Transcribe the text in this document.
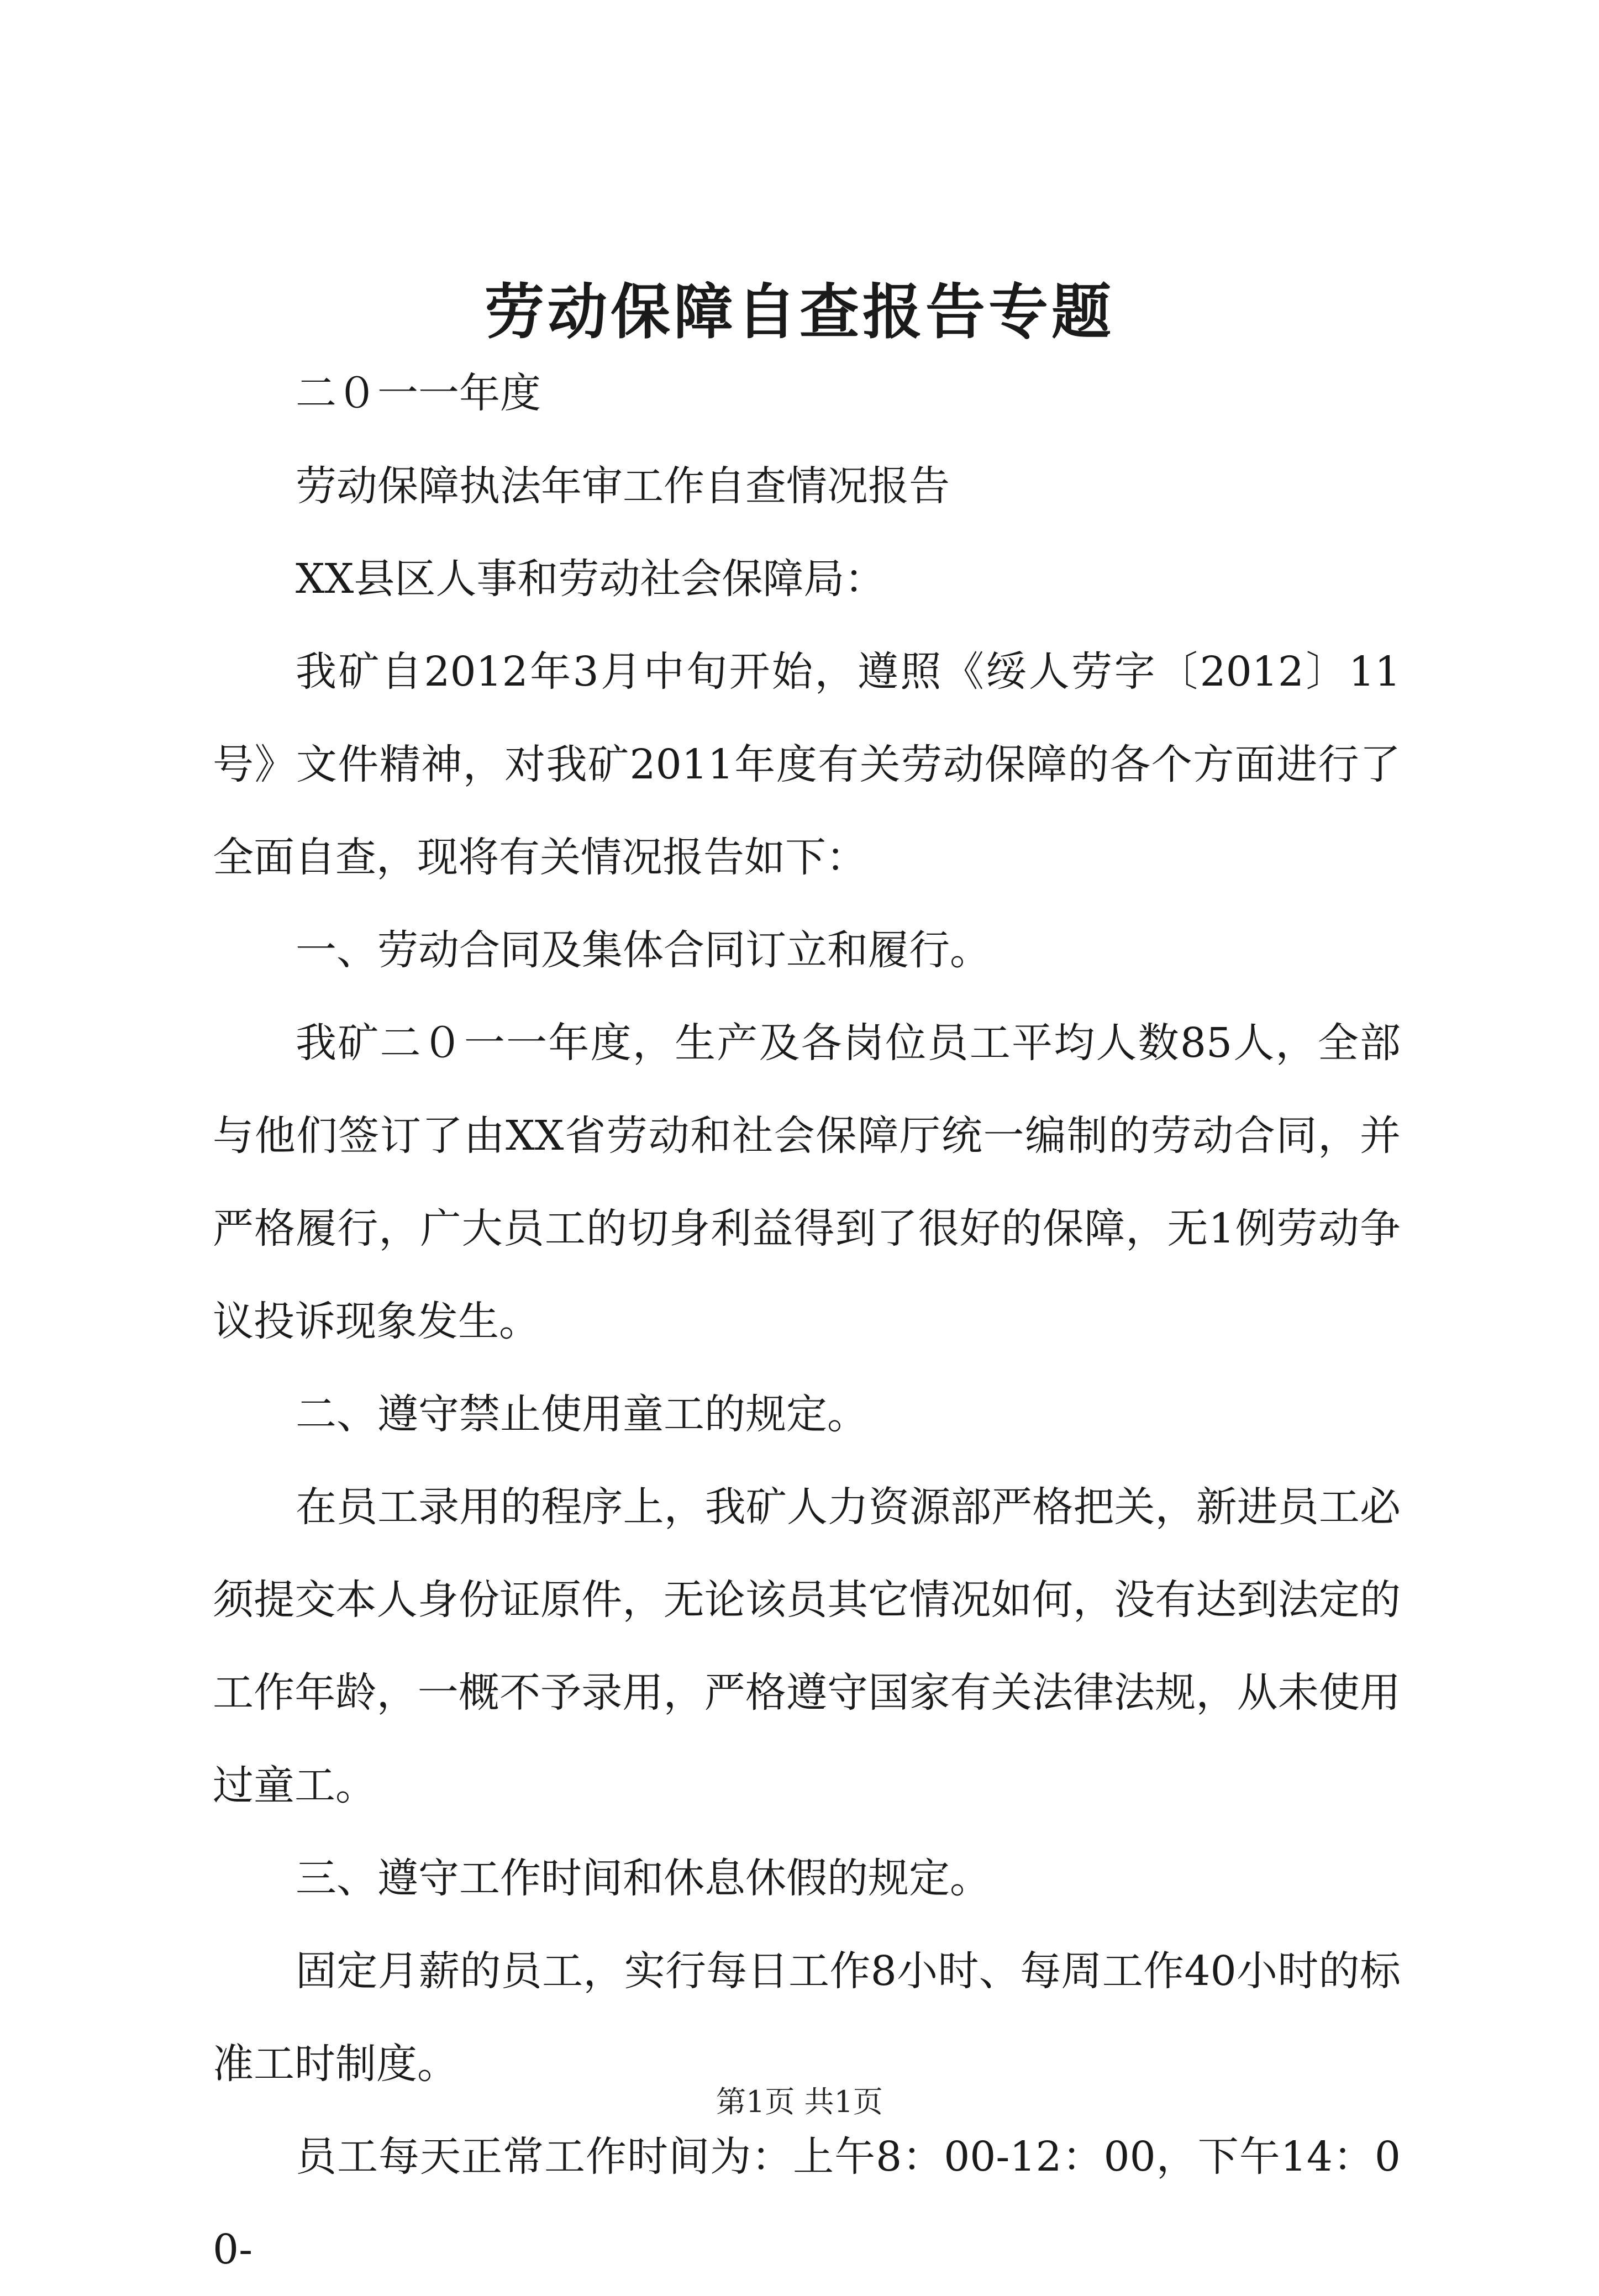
劳动保障自查报告专题

二０一一年度

劳动保障执法年审工作自查情况报告

XX县区人事和劳动社会保障局：

我矿自2012年3月中旬开始，遵照《绥人劳字〔2012〕11号》文件精神，对我矿2011年度有关劳动保障的各个方面进行了全面自查，现将有关情况报告如下：

一、劳动合同及集体合同订立和履行。

我矿二０一一年度，生产及各岗位员工平均人数85人，全部与他们签订了由XX省劳动和社会保障厅统一编制的劳动合同，并严格履行，广大员工的切身利益得到了很好的保障，无1例劳动争议投诉现象发生。

二、遵守禁止使用童工的规定。

在员工录用的程序上，我矿人力资源部严格把关，新进员工必须提交本人身份证原件，无论该员其它情况如何，没有达到法定的工作年龄，一概不予录用，严格遵守国家有关法律法规，从未使用过童工。

三、遵守工作时间和休息休假的规定。

固定月薪的员工，实行每日工作8小时、每周工作40小时的标准工时制度。

员工每天正常工作时间为：上午8：00-12：00，下午14：00-

第1页 共1页
